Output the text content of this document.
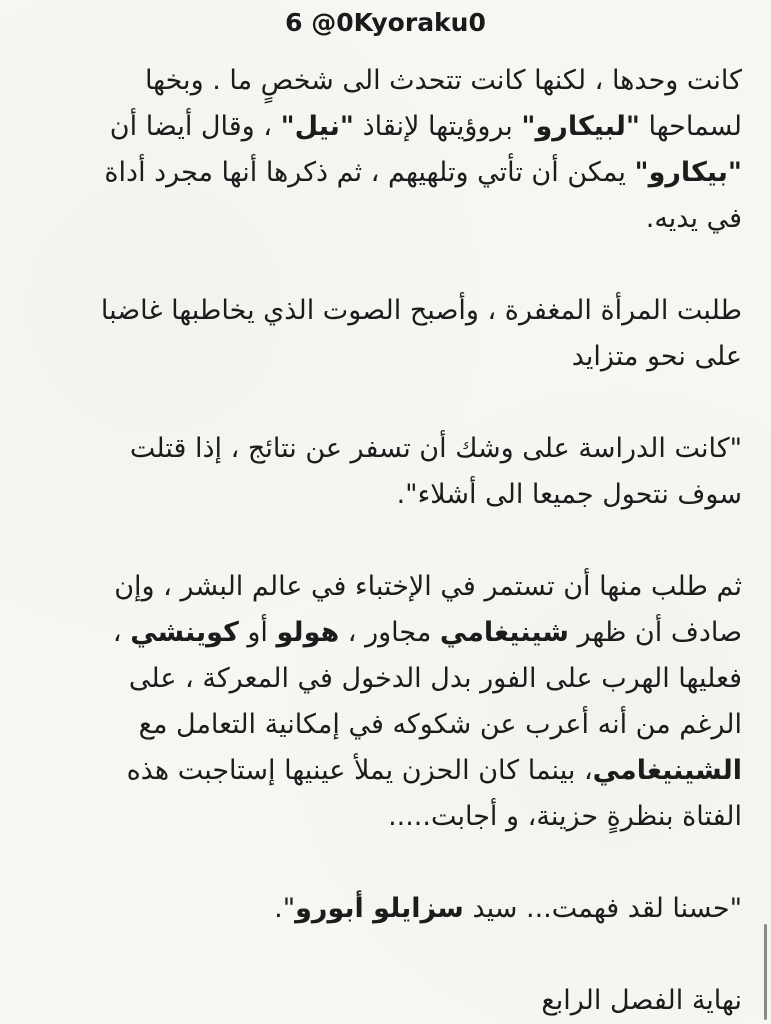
6 @0Kyoraku0

كانت وحدها ، لكنها كانت تتحدث الى شخصٍ ما . وبخها لسماحها "لبيكارو" بروؤيتها لإنقاذ "نيل" ، وقال أيضا أن "بيكارو" يمكن أن تأتي وتلهيهم ، ثم ذكرها أنها مجرد أداة في يديه.

طلبت المرأة المغفرة ، وأصبح الصوت الذي يخاطبها غاضبا على نحو متزايد

"كانت الدراسة على وشك أن تسفر عن نتائج ، إذا قتلت سوف نتحول جميعا الى أشلاء".

ثم طلب منها أن تستمر في الإختباء في عالم البشر ، وإن صادف أن ظهر شينيغامي مجاور ، هولو أو كوينشي ، فعليها الهرب على الفور بدل الدخول في المعركة ، على الرغم من أنه أعرب عن شكوكه في إمكانية التعامل مع الشينيغامي، بينما كان الحزن يملأ عينيها إستاجبت هذه الفتاة بنظرةٍ حزينة، و أجابت.....

"حسنا لقد فهمت... سيد سزايلو أبورو".

نهاية الفصل الرابع
